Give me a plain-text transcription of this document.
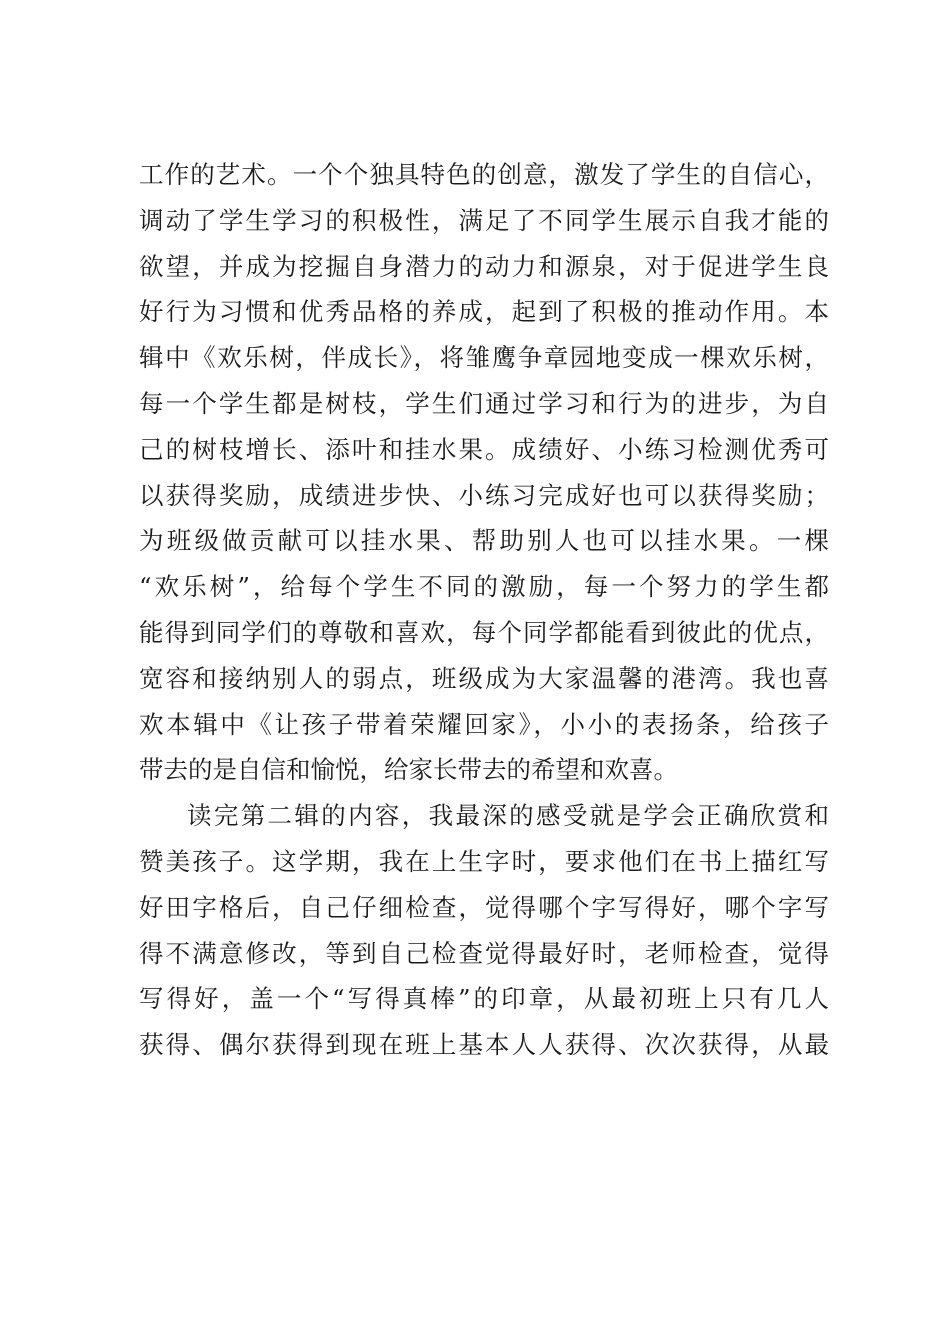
工作的艺术。一个个独具特色的创意，激发了学生的自信心，
调动了学生学习的积极性，满足了不同学生展示自我才能的
欲望，并成为挖掘自身潜力的动力和源泉，对于促进学生良
好行为习惯和优秀品格的养成，起到了积极的推动作用。本
辑中《欢乐树，伴成长》，将雏鹰争章园地变成一棵欢乐树，
每一个学生都是树枝，学生们通过学习和行为的进步，为自
己的树枝增长、添叶和挂水果。成绩好、小练习检测优秀可
以获得奖励，成绩进步快、小练习完成好也可以获得奖励；
为班级做贡献可以挂水果、帮助别人也可以挂水果。一棵
“欢乐树”，给每个学生不同的激励，每一个努力的学生都
能得到同学们的尊敬和喜欢，每个同学都能看到彼此的优点，
宽容和接纳别人的弱点，班级成为大家温馨的港湾。我也喜
欢本辑中《让孩子带着荣耀回家》，小小的表扬条，给孩子
带去的是自信和愉悦，给家长带去的希望和欢喜。
读完第二辑的内容，我最深的感受就是学会正确欣赏和
赞美孩子。这学期，我在上生字时，要求他们在书上描红写
好田字格后，自己仔细检查，觉得哪个字写得好，哪个字写
得不满意修改，等到自己检查觉得最好时，老师检查，觉得
写得好，盖一个“写得真棒”的印章，从最初班上只有几人
获得、偶尔获得到现在班上基本人人获得、次次获得，从最
